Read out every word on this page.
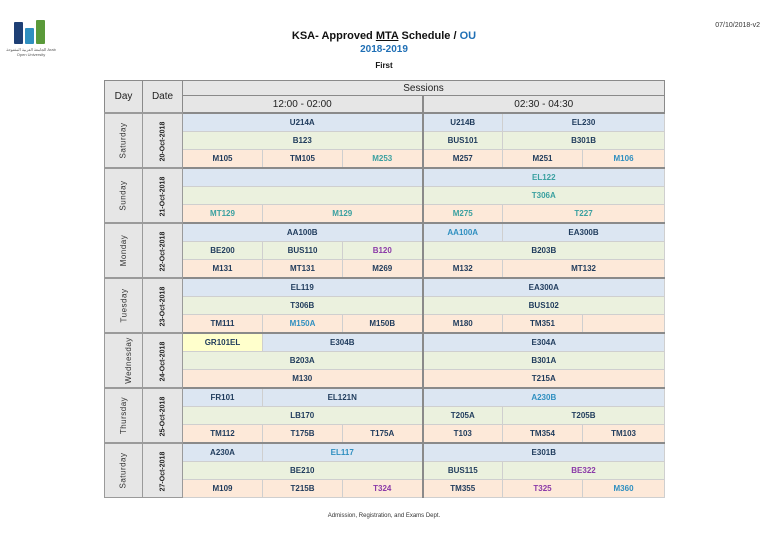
الجامعة العربية المفتوحة Arab Open University
07/10/2018-v2
KSA- Approved MTA Schedule / OU
2018-2019
First
Day	Date	Sessions					
		12:00 - 02:00			02:30 - 04:30		
Saturday	20-Oct-2018	U214A			U214B	EL230	
		B123			BUS101	B301B	
		M105	TM105	M253	M257	M251	M106
Sunday	21-Oct-2018				EL122		
					T306A		
		MT129	M129		M275	T227	
Monday	22-Oct-2018	AA100B			AA100A	EA300B	
		BE200	BUS110	B120	B203B		
		M131	MT131	M269	M132	MT132	
Tuesday	23-Oct-2018	EL119			EA300A		
		T306B			BUS102		
		TM111	M150A	M150B	M180	TM351	
Wednesday	24-Oct-2018	GR101EL	E304B		E304A		
		B203A			B301A		
		M130			T215A		
Thursday	25-Oct-2018	FR101	EL121N		A230B		
		LB170			T205A	T205B	
		TM112	T175B	T175A	T103	TM354	TM103
Saturday	27-Oct-2018	A230A	EL117		E301B		
		BE210			BUS115	BE322	
		M109	T215B	T324	TM355	T325	M360
Admission, Registration, and Exams Dept.
